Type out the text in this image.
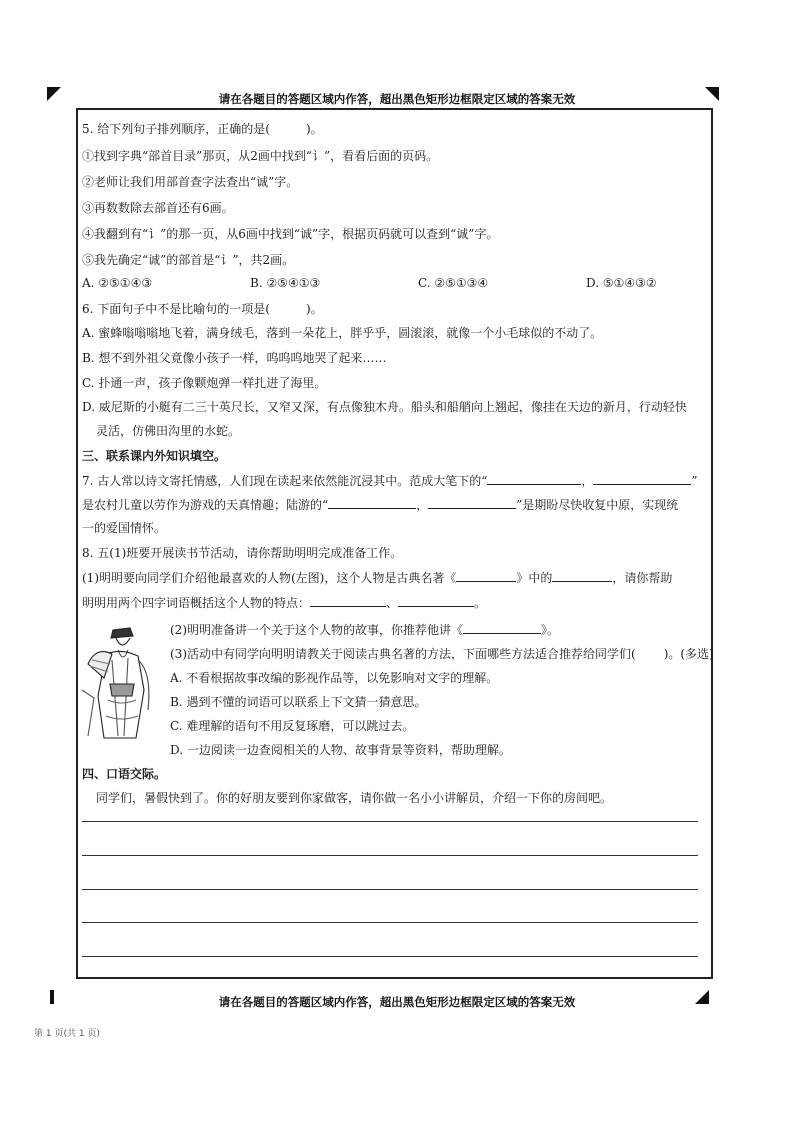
请在各题目的答题区域内作答，超出黑色矩形边框限定区域的答案无效
5. 给下列句子排列顺序，正确的是(	)。
①找到字典“部首目录”那页，从2画中找到“讠”，看看后面的页码。
②老师让我们用部首查字法查出“诚”字。
③再数数除去部首还有6画。
④我翻到有“讠”的那一页，从6画中找到“诚”字，根据页码就可以查到“诚”字。
⑤我先确定“诚”的部首是“讠”，共2画。
A. ②⑤①④③	B. ②⑤④①③	C. ②⑤①③④	D. ⑤①④③②
6. 下面句子中不是比喻句的一项是(	)。
A. 蜜蜂嗡嗡嗡地飞着，满身绒毛，落到一朵花上，胖乎乎，圆滚滚，就像一个小毛球似的不动了。
B. 想不到外祖父竟像小孩子一样，呜呜呜地哭了起来……
C. 扑通一声，孩子像颗炮弹一样扎进了海里。
D. 威尼斯的小艇有二三十英尺长，又窄又深，有点像独木舟。船头和船艄向上翘起，像挂在天边的新月，行动轻快
灵活，仿佛田沟里的水蛇。
三、联系课内外知识填空。
7. 古人常以诗文寄托情感，人们现在读起来依然能沉浸其中。范成大笔下的“	，	”
是农村儿童以劳作为游戏的天真情趣；陆游的“	，	”是期盼尽快收复中原，实现统
一的爱国情怀。
8. 五(1)班要开展读书节活动，请你帮助明明完成准备工作。
(1)明明要向同学们介绍他最喜欢的人物(左图)，这个人物是古典名著《	》中的	，请你帮助
明明用两个四字词语概括这个人物的特点：	、	。
(2)明明准备讲一个关于这个人物的故事，你推荐他讲《	》。
(3)活动中有同学向明明请教关于阅读古典名著的方法，下面哪些方法适合推荐给同学们( )。(多选)
A. 不看根据故事改编的影视作品等，以免影响对文字的理解。
B. 遇到不懂的词语可以联系上下文猜一猜意思。
C. 难理解的语句不用反复琢磨，可以跳过去。
D. 一边阅读一边查阅相关的人物、故事背景等资料，帮助理解。
四、口语交际。
同学们，暑假快到了。你的好朋友要到你家做客，请你做一名小小讲解员，介绍一下你的房间吧。
请在各题目的答题区域内作答，超出黑色矩形边框限定区域的答案无效
第 1 页(共 1 页)
